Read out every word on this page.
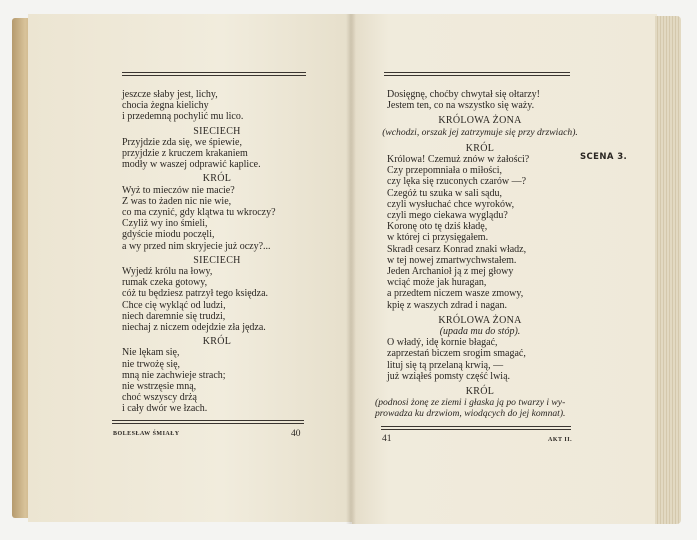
jeszcze słaby jest, lichy,
chocia żegna kielichy
i przedemną pochylić mu lico.
SIECIECH
Przyjdzie zda się, we śpiewie,
przyjdzie z kruczem krakaniem
modły w waszej odprawić kaplice.
KRÓL
Wyż to mieczów nie macie?
Z was to żaden nic nie wie,
co ma czynić, gdy klątwa tu wkroczy?
Czyliż wy ino śmieli,
gdyście miodu poczęli,
a wy przed nim skryjecie już oczy?...
SIECIECH
Wyjedź królu na łowy,
rumak czeka gotowy,
cóż tu będziesz patrzył tego księdza.
Chce cię wykląć od ludzi,
niech daremnie się trudzi,
niechaj z niczem odejdzie zła jędza.
KRÓL
Nie lękam się,
nie trwożę się,
mną nie zachwieje strach;
nie wstrzęsie mną,
choć wszyscy drżą
i cały dwór we łzach.
BOLESŁAW ŚMIAŁY	40
Dosięgnę, choćby chwytał się ołtarzy!
Jestem ten, co na wszystko się waży.
KRÓLOWA ŻONA
(wchodzi, orszak jej zatrzymuje się przy drzwiach).
KRÓL
Królowa! Czemuż znów w żałości?
Czy przepomniała o miłości,
czy lęka się rzuconych czarów —?
Czegóż tu szuka w sali sądu,
czyli wysłuchać chce wyroków,
czyli mego ciekawa wyglądu?
Koronę oto tę dziś kładę,
w której ci przysięgałem.
Skradł cesarz Konrad znaki władz,
w tej nowej zmartwychwstałem.
Jeden Archanioł ją z mej głowy
wciąć może jak huragan,
a przedtem niczem wasze zmowy,
kpię z waszych zdrad i nagan.
KRÓLOWA ŻONA
(upada mu do stóp).
O władý, idę kornie błagać,
zaprzestań biczem srogim smagać,
lituj się tą przelaną krwią, —
już wziąłeś pomsty część lwią.
KRÓL
(podnosi żonę ze ziemi i głaska ją po twarzy i wy-
prowadza ku drzwiom, wiodących do jej komnat).
SCENA 3.
41	AKT II.
